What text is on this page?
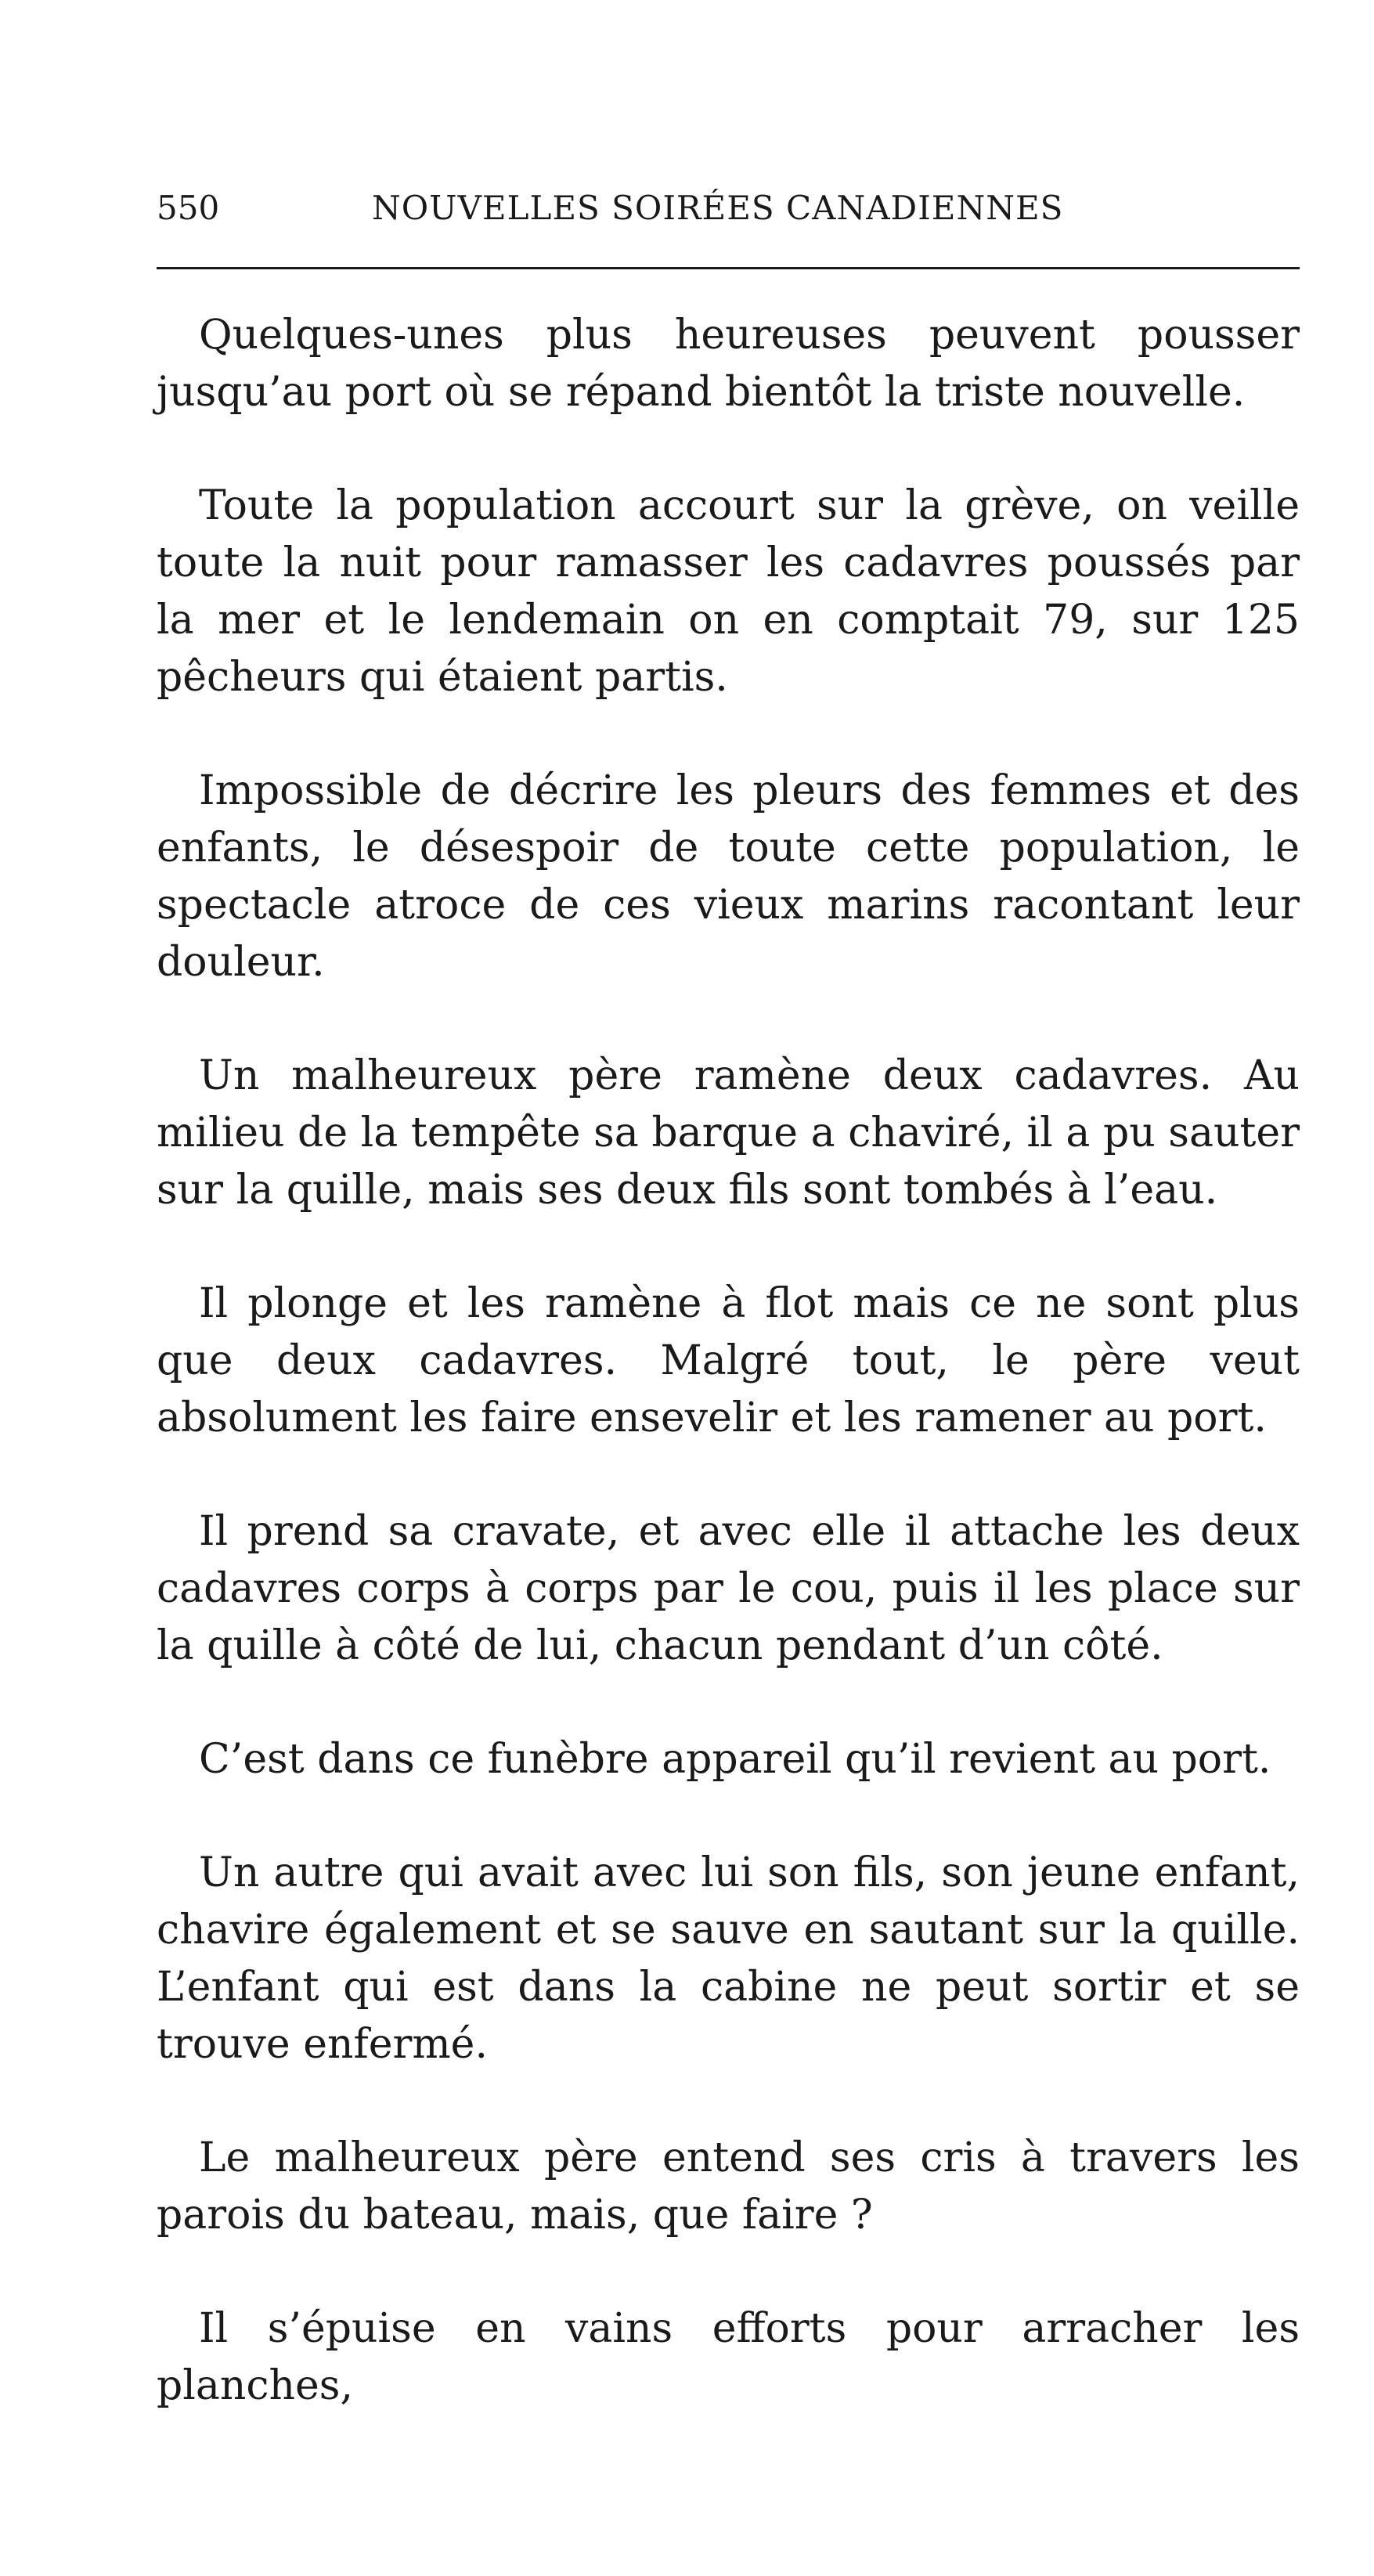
550	NOUVELLES SOIRÉES CANADIENNES

Quelques-unes plus heureuses peuvent pousser jusqu’au port où se répand bientôt la triste nouvelle.

Toute la population accourt sur la grève, on veille toute la nuit pour ramasser les cadavres poussés par la mer et le lendemain on en comptait 79, sur 125 pêcheurs qui étaient partis.

Impossible de décrire les pleurs des femmes et des enfants, le désespoir de toute cette population, le spectacle atroce de ces vieux marins racontant leur douleur.

Un malheureux père ramène deux cadavres. Au milieu de la tempête sa barque a chaviré, il a pu sauter sur la quille, mais ses deux fils sont tombés à l’eau.

Il plonge et les ramène à flot mais ce ne sont plus que deux cadavres. Malgré tout, le père veut absolument les faire ensevelir et les ramener au port.

Il prend sa cravate, et avec elle il attache les deux cadavres corps à corps par le cou, puis il les place sur la quille à côté de lui, chacun pendant d’un côté.

C’est dans ce funèbre appareil qu’il revient au port.

Un autre qui avait avec lui son fils, son jeune enfant, chavire également et se sauve en sautant sur la quille. L’enfant qui est dans la cabine ne peut sortir et se trouve enfermé.

Le malheureux père entend ses cris à travers les parois du bateau, mais, que faire ?

Il s’épuise en vains efforts pour arracher les planches,
